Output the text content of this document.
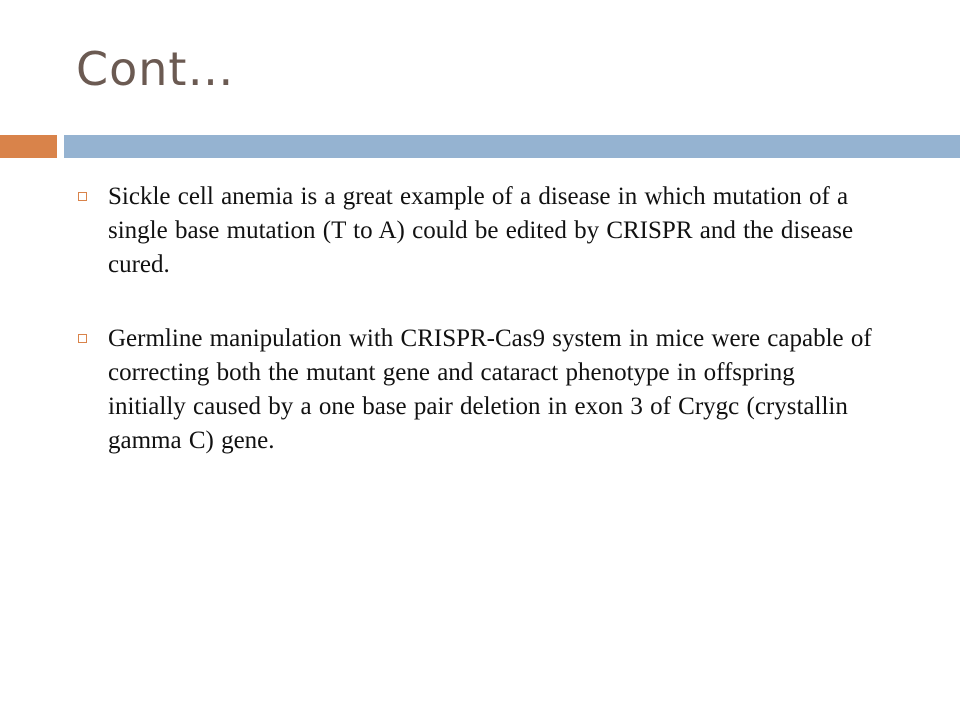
Cont…
Sickle cell anemia is a great example of a disease in which mutation of a single base mutation (T to A) could be edited by CRISPR and the disease cured.
Germline manipulation with CRISPR-Cas9 system in mice were capable of correcting both the mutant gene and cataract phenotype in offspring initially caused by a one base pair deletion in exon 3 of Crygc (crystallin gamma C) gene.
